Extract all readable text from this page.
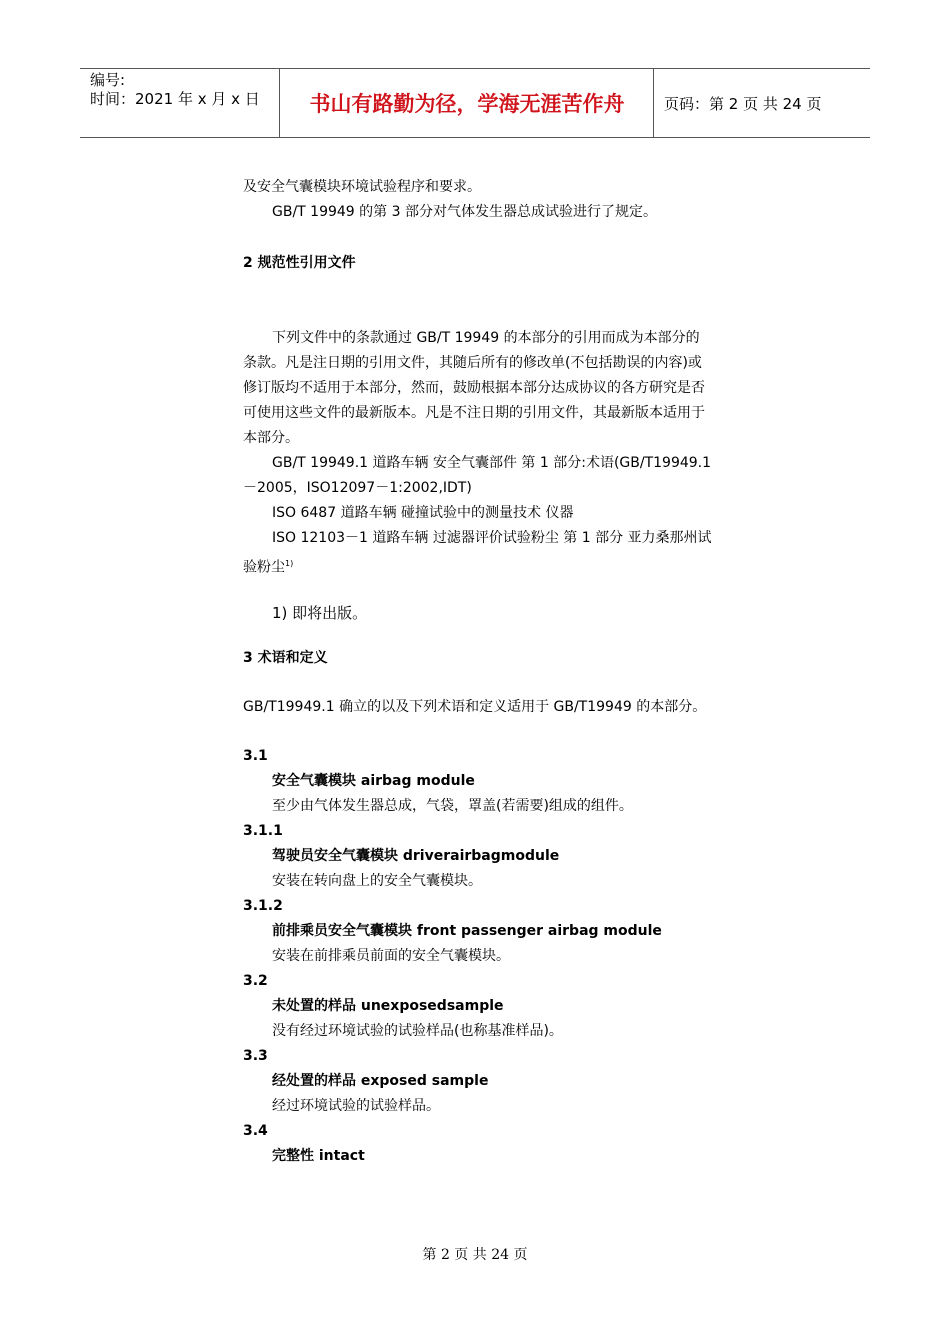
编号:
时间：2021 年 x 月 x 日	书山有路勤为径，学海无涯苦作舟	页码：第 2 页 共 24 页

及安全气囊模块环境试验程序和要求。

GB/T 19949 的第 3 部分对气体发生器总成试验进行了规定。

2 规范性引用文件

下列文件中的条款通过 GB/T 19949 的本部分的引用而成为本部分的条款。凡是注日期的引用文件，其随后所有的修改单(不包括勘误的内容)或修订版均不适用于本部分，然而，鼓励根据本部分达成协议的各方研究是否可使用这些文件的最新版本。凡是不注日期的引用文件，其最新版本适用于本部分。

GB/T 19949.1 道路车辆 安全气囊部件 第 1 部分:术语(GB/T19949.1－2005，ISO12097－1:2002,IDT)

ISO 6487 道路车辆 碰撞试验中的测量技术 仪器

ISO 12103－1 道路车辆 过滤器评价试验粉尘 第 1 部分 亚力桑那州试验粉尘$^{1)}$

1) 即将出版。

3 术语和定义

GB/T19949.1 确立的以及下列术语和定义适用于 GB/T19949 的本部分。

3.1

安全气囊模块 airbag module

至少由气体发生器总成，气袋，罩盖(若需要)组成的组件。

3.1.1

驾驶员安全气囊模块 driverairbagmodule

安装在转向盘上的安全气囊模块。

3.1.2

前排乘员安全气囊模块 front passenger airbag module

安装在前排乘员前面的安全气囊模块。

3.2

未处置的样品 unexposedsample

没有经过环境试验的试验样品(也称基准样品)。

3.3

经处置的样品 exposed sample

经过环境试验的试验样品。

3.4

完整性 intact

第 2 页 共 24 页
